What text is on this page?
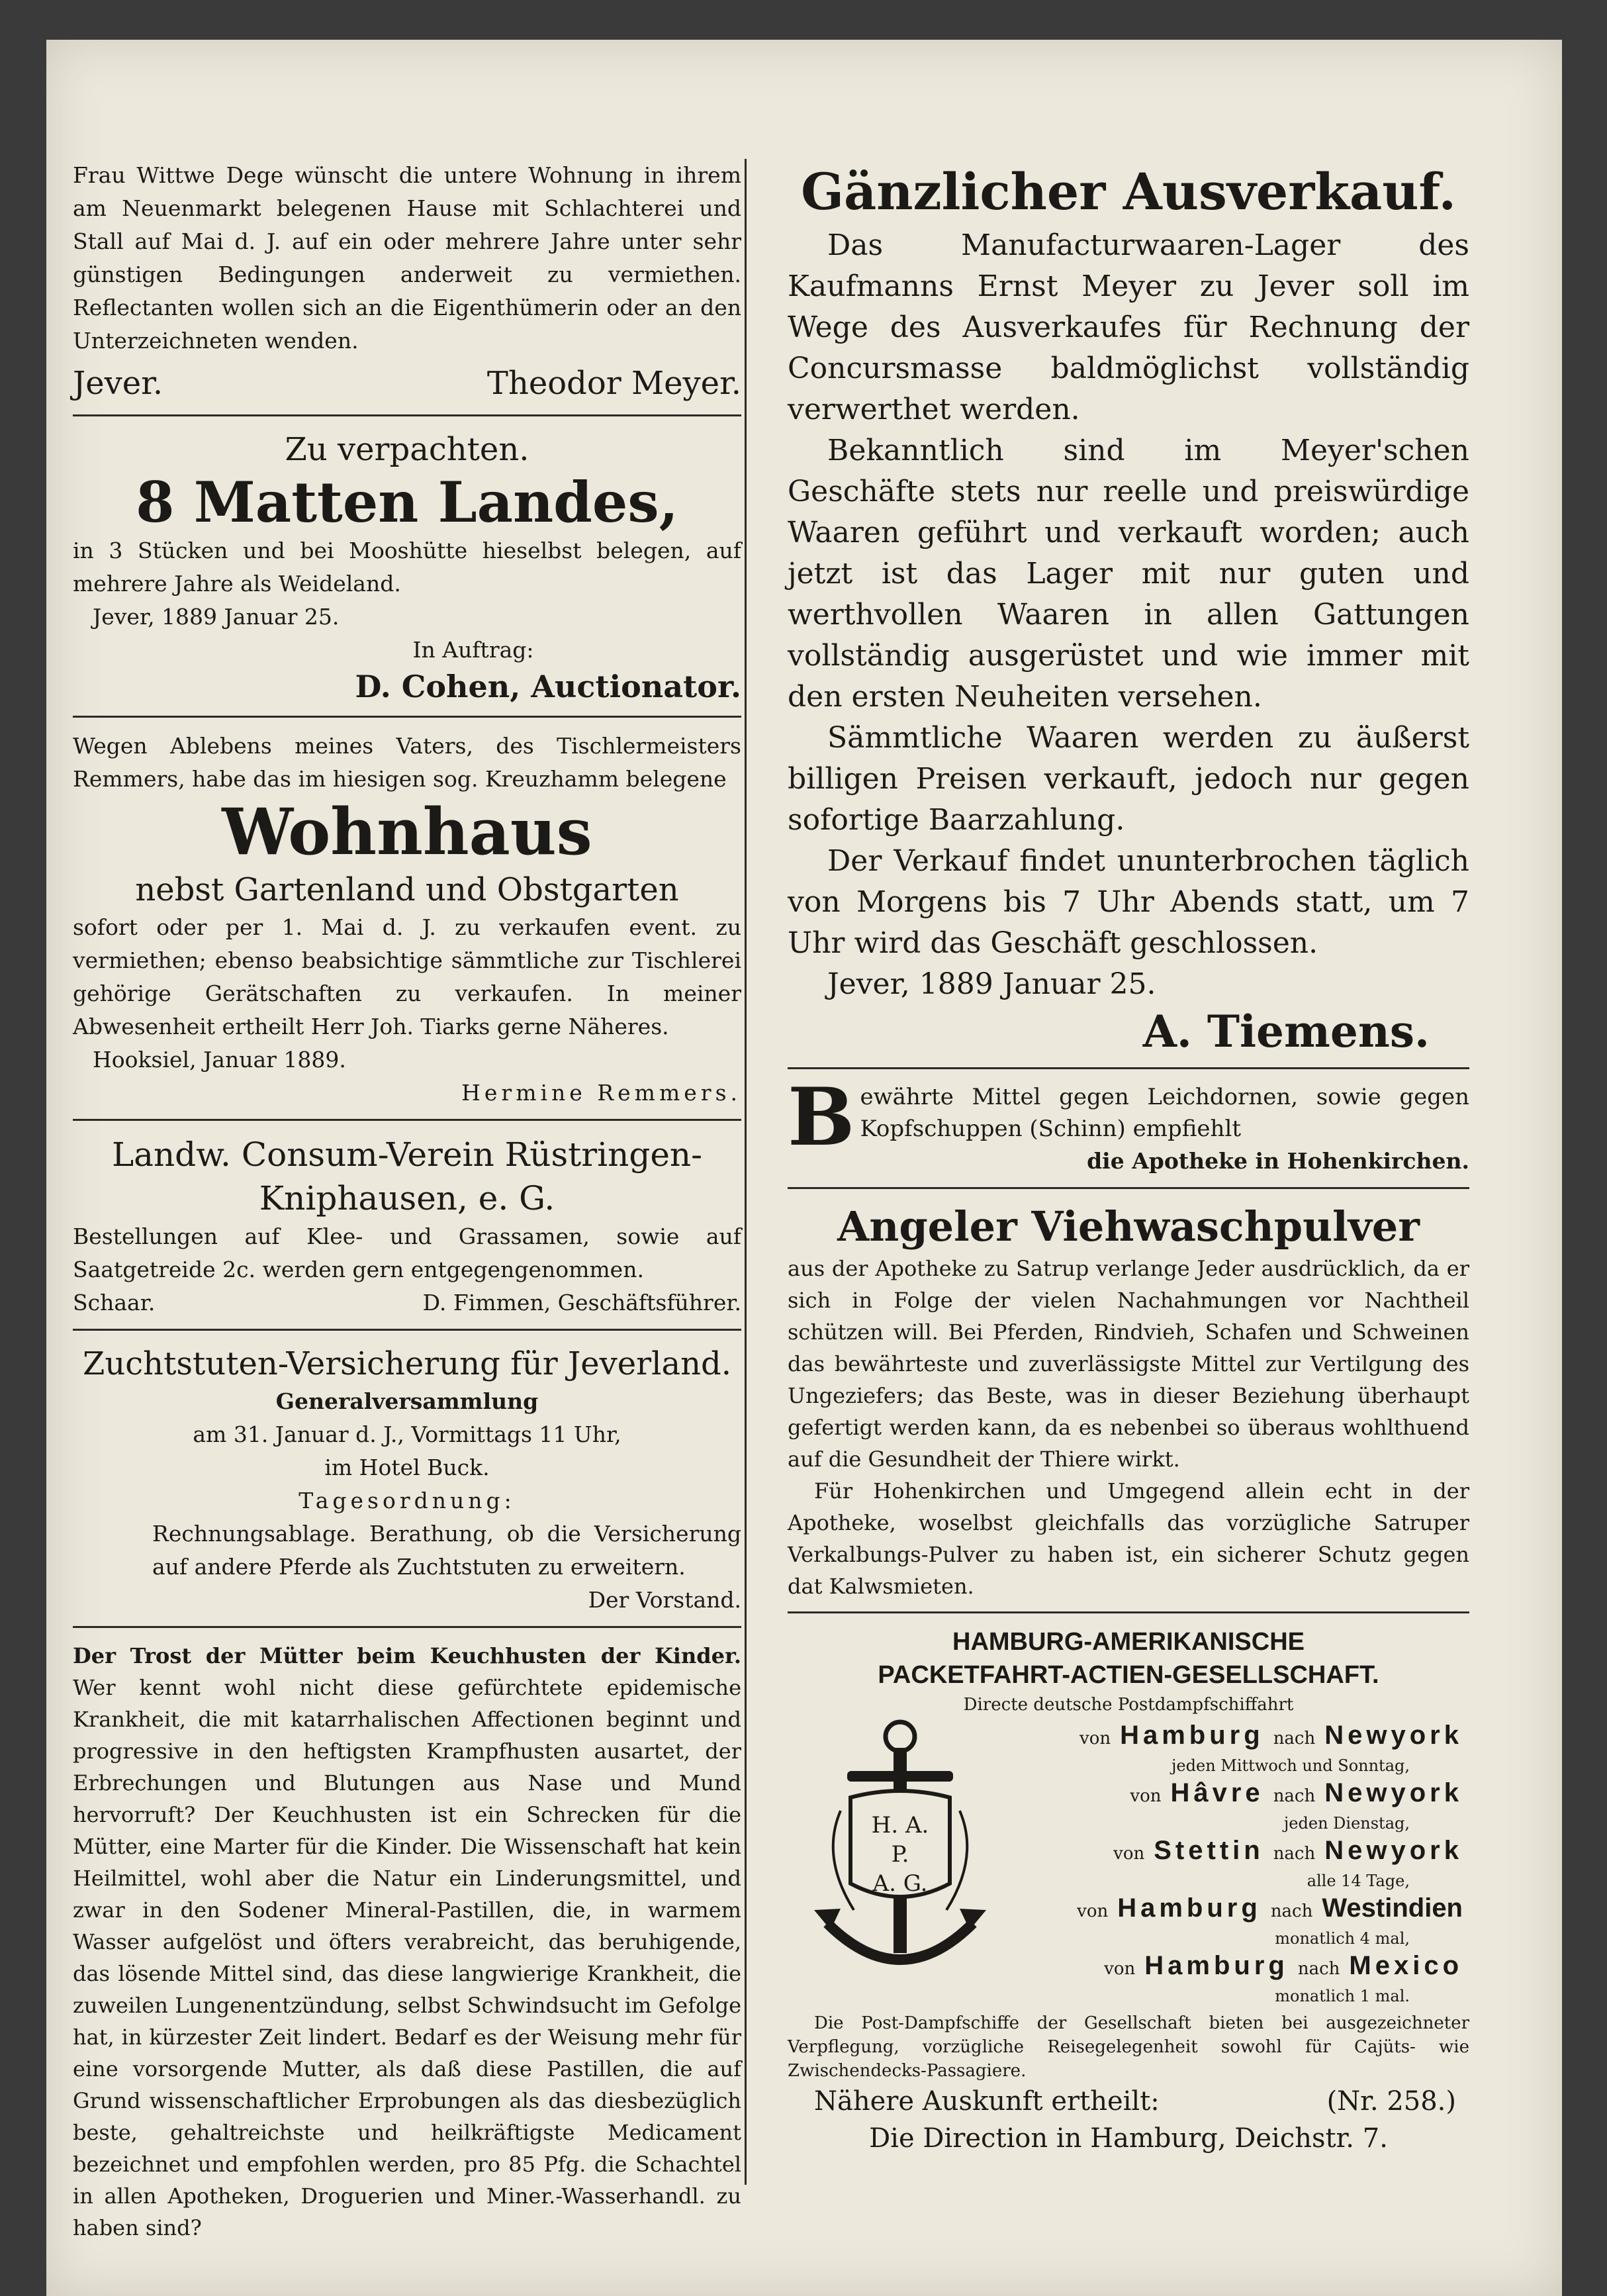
Frau Wittwe Dege wünscht die untere Wohnung in ihrem am Neuenmarkt belegenen Hause mit Schlachterei und Stall auf Mai d. J. auf ein oder mehrere Jahre unter sehr günstigen Bedingungen anderweit zu vermiethen. Reflectanten wollen sich an die Eigenthümerin oder an den Unterzeichneten wenden.

Jever.	Theodor Meyer.

Zu verpachten.

8 Matten Landes,

in 3 Stücken und bei Mooshütte hieselbst belegen, auf mehrere Jahre als Weideland.

Jever, 1889 Januar 25.

In Auftrag:

D. Cohen, Auctionator.

Wegen Ablebens meines Vaters, des Tischlermeisters Remmers, habe das im hiesigen sog. Kreuzhamm belegene

Wohnhaus

nebst Gartenland und Obstgarten

sofort oder per 1. Mai d. J. zu verkaufen event. zu vermiethen; ebenso beabsichtige sämmtliche zur Tischlerei gehörige Gerätschaften zu verkaufen. In meiner Abwesenheit ertheilt Herr Joh. Tiarks gerne Näheres.

Hooksiel, Januar 1889.

Hermine Remmers.

Landw. Consum-Verein Rüstringen-Kniphausen, e. G.

Bestellungen auf Klee- und Grassamen, sowie auf Saatgetreide 2c. werden gern entgegengenommen.

Schaar.	D. Fimmen, Geschäftsführer.

Zuchtstuten-Versicherung für Jeverland.

Generalversammlung

am 31. Januar d. J., Vormittags 11 Uhr,

im Hotel Buck.

Tagesordnung:

Rechnungsablage. Berathung, ob die Versicherung auf andere Pferde als Zuchtstuten zu erweitern.

Der Vorstand.

Der Trost der Mütter beim Keuchhusten der Kinder. Wer kennt wohl nicht diese gefürchtete epidemische Krankheit, die mit katarrhalischen Affectionen beginnt und progressive in den heftigsten Krampfhusten ausartet, der Erbrechungen und Blutungen aus Nase und Mund hervorruft? Der Keuchhusten ist ein Schrecken für die Mütter, eine Marter für die Kinder. Die Wissenschaft hat kein Heilmittel, wohl aber die Natur ein Linderungsmittel, und zwar in den Sodener Mineral-Pastillen, die, in warmem Wasser aufgelöst und öfters verabreicht, das beruhigende, das lösende Mittel sind, das diese langwierige Krankheit, die zuweilen Lungenentzündung, selbst Schwindsucht im Gefolge hat, in kürzester Zeit lindert. Bedarf es der Weisung mehr für eine vorsorgende Mutter, als daß diese Pastillen, die auf Grund wissenschaftlicher Erprobungen als das diesbezüglich beste, gehaltreichste und heilkräftigste Medicament bezeichnet und empfohlen werden, pro 85 Pfg. die Schachtel in allen Apotheken, Droguerien und Miner.-Wasserhandl. zu haben sind?

Gänzlicher Ausverkauf.

Das Manufacturwaaren-Lager des Kaufmanns Ernst Meyer zu Jever soll im Wege des Ausverkaufes für Rechnung der Concursmasse baldmöglichst vollständig verwerthet werden.

Bekanntlich sind im Meyer'schen Geschäfte stets nur reelle und preiswürdige Waaren geführt und verkauft worden; auch jetzt ist das Lager mit nur guten und werthvollen Waaren in allen Gattungen vollständig ausgerüstet und wie immer mit den ersten Neuheiten versehen.

Sämmtliche Waaren werden zu äußerst billigen Preisen verkauft, jedoch nur gegen sofortige Baarzahlung.

Der Verkauf findet ununterbrochen täglich von Morgens bis 7 Uhr Abends statt, um 7 Uhr wird das Geschäft geschlossen.

Jever, 1889 Januar 25.

A. Tiemens.

B ewährte Mittel gegen Leichdornen, sowie gegen Kopfschuppen (Schinn) empfiehlt

die Apotheke in Hohenkirchen.

Angeler Viehwaschpulver

aus der Apotheke zu Satrup verlange Jeder ausdrücklich, da er sich in Folge der vielen Nachahmungen vor Nachtheil schützen will. Bei Pferden, Rindvieh, Schafen und Schweinen das bewährteste und zuverlässigste Mittel zur Vertilgung des Ungeziefers; das Beste, was in dieser Beziehung überhaupt gefertigt werden kann, da es nebenbei so überaus wohlthuend auf die Gesundheit der Thiere wirkt.

Für Hohenkirchen und Umgegend allein echt in der Apotheke, woselbst gleichfalls das vorzügliche Satruper Verkalbungs-Pulver zu haben ist, ein sicherer Schutz gegen dat Kalwsmieten.

HAMBURG-AMERIKANISCHE

PACKETFAHRT-ACTIEN-GESELLSCHAFT.

Directe deutsche Postdampfschiffahrt

H. A.
P.
A. G.
von Hamburg nach Newyork
jeden Mittwoch und Sonntag,
von Hâvre nach Newyork
jeden Dienstag,
von Stettin nach Newyork
alle 14 Tage,
von Hamburg nach Westindien
monatlich 4 mal,
von Hamburg nach Mexico
monatlich 1 mal.

Die Post-Dampfschiffe der Gesellschaft bieten bei ausgezeichneter Verpflegung, vorzügliche Reisegelegenheit sowohl für Cajüts- wie Zwischendecks-Passagiere.

Nähere Auskunft ertheilt:	(Nr. 258.)

Die Direction in Hamburg, Deichstr. 7.
